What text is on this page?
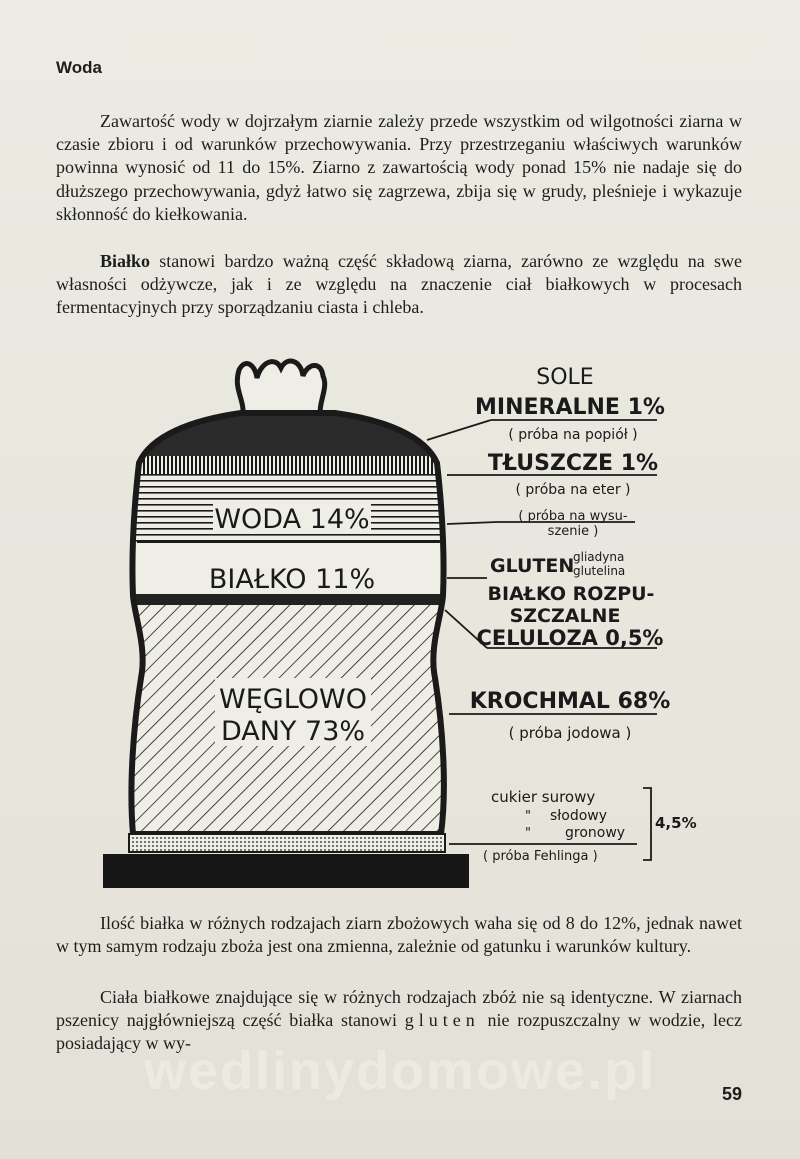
Woda

Zawartość wody w dojrzałym ziarnie zależy przede wszystkim od wilgotności ziarna w czasie zbioru i od warunków przechowywania. Przy przestrzeganiu właściwych warunków powinna wynosić od 11 do 15%. Ziarno z zawartością wody ponad 15% nie nadaje się do dłuższego przechowywania, gdyż łatwo się zagrzewa, zbija się w grudy, pleśnieje i wykazuje skłonność do kiełkowania.

Białko stanowi bardzo ważną część składową ziarna, zarówno ze względu na swe własności odżywcze, jak i ze względu na znaczenie ciał białkowych w procesach fermentacyjnych przy sporządzaniu ciasta i chleba.

WODA 14%
BIAŁKO 11%
WĘGLOWO
DANY 73%
SOLE
MINERALNE 1%
( próba na popiół )
TŁUSZCZE 1%
( próba na eter )
( próba na wysu-
szenie )
GLUTEN
gliadyna
glutelina
BIAŁKO ROZPU-
SZCZALNE
CELULOZA 0,5%
KROCHMAL 68%
( próba jodowa )
cukier surowy
" słodowy
" gronowy
( próba Fehlinga )
4,5%

Ilość białka w różnych rodzajach ziarn zbożowych waha się od 8 do 12%, jednak nawet w tym samym rodzaju zboża jest ona zmienna, zależnie od gatunku i warunków kultury.

Ciała białkowe znajdujące się w różnych rodzajach zbóż nie są identyczne. W ziarnach pszenicy najgłówniejszą część białka stanowi gluten nie rozpuszczalny w wodzie, lecz posiadający w wy-

wedlinydomowe.pl	59
